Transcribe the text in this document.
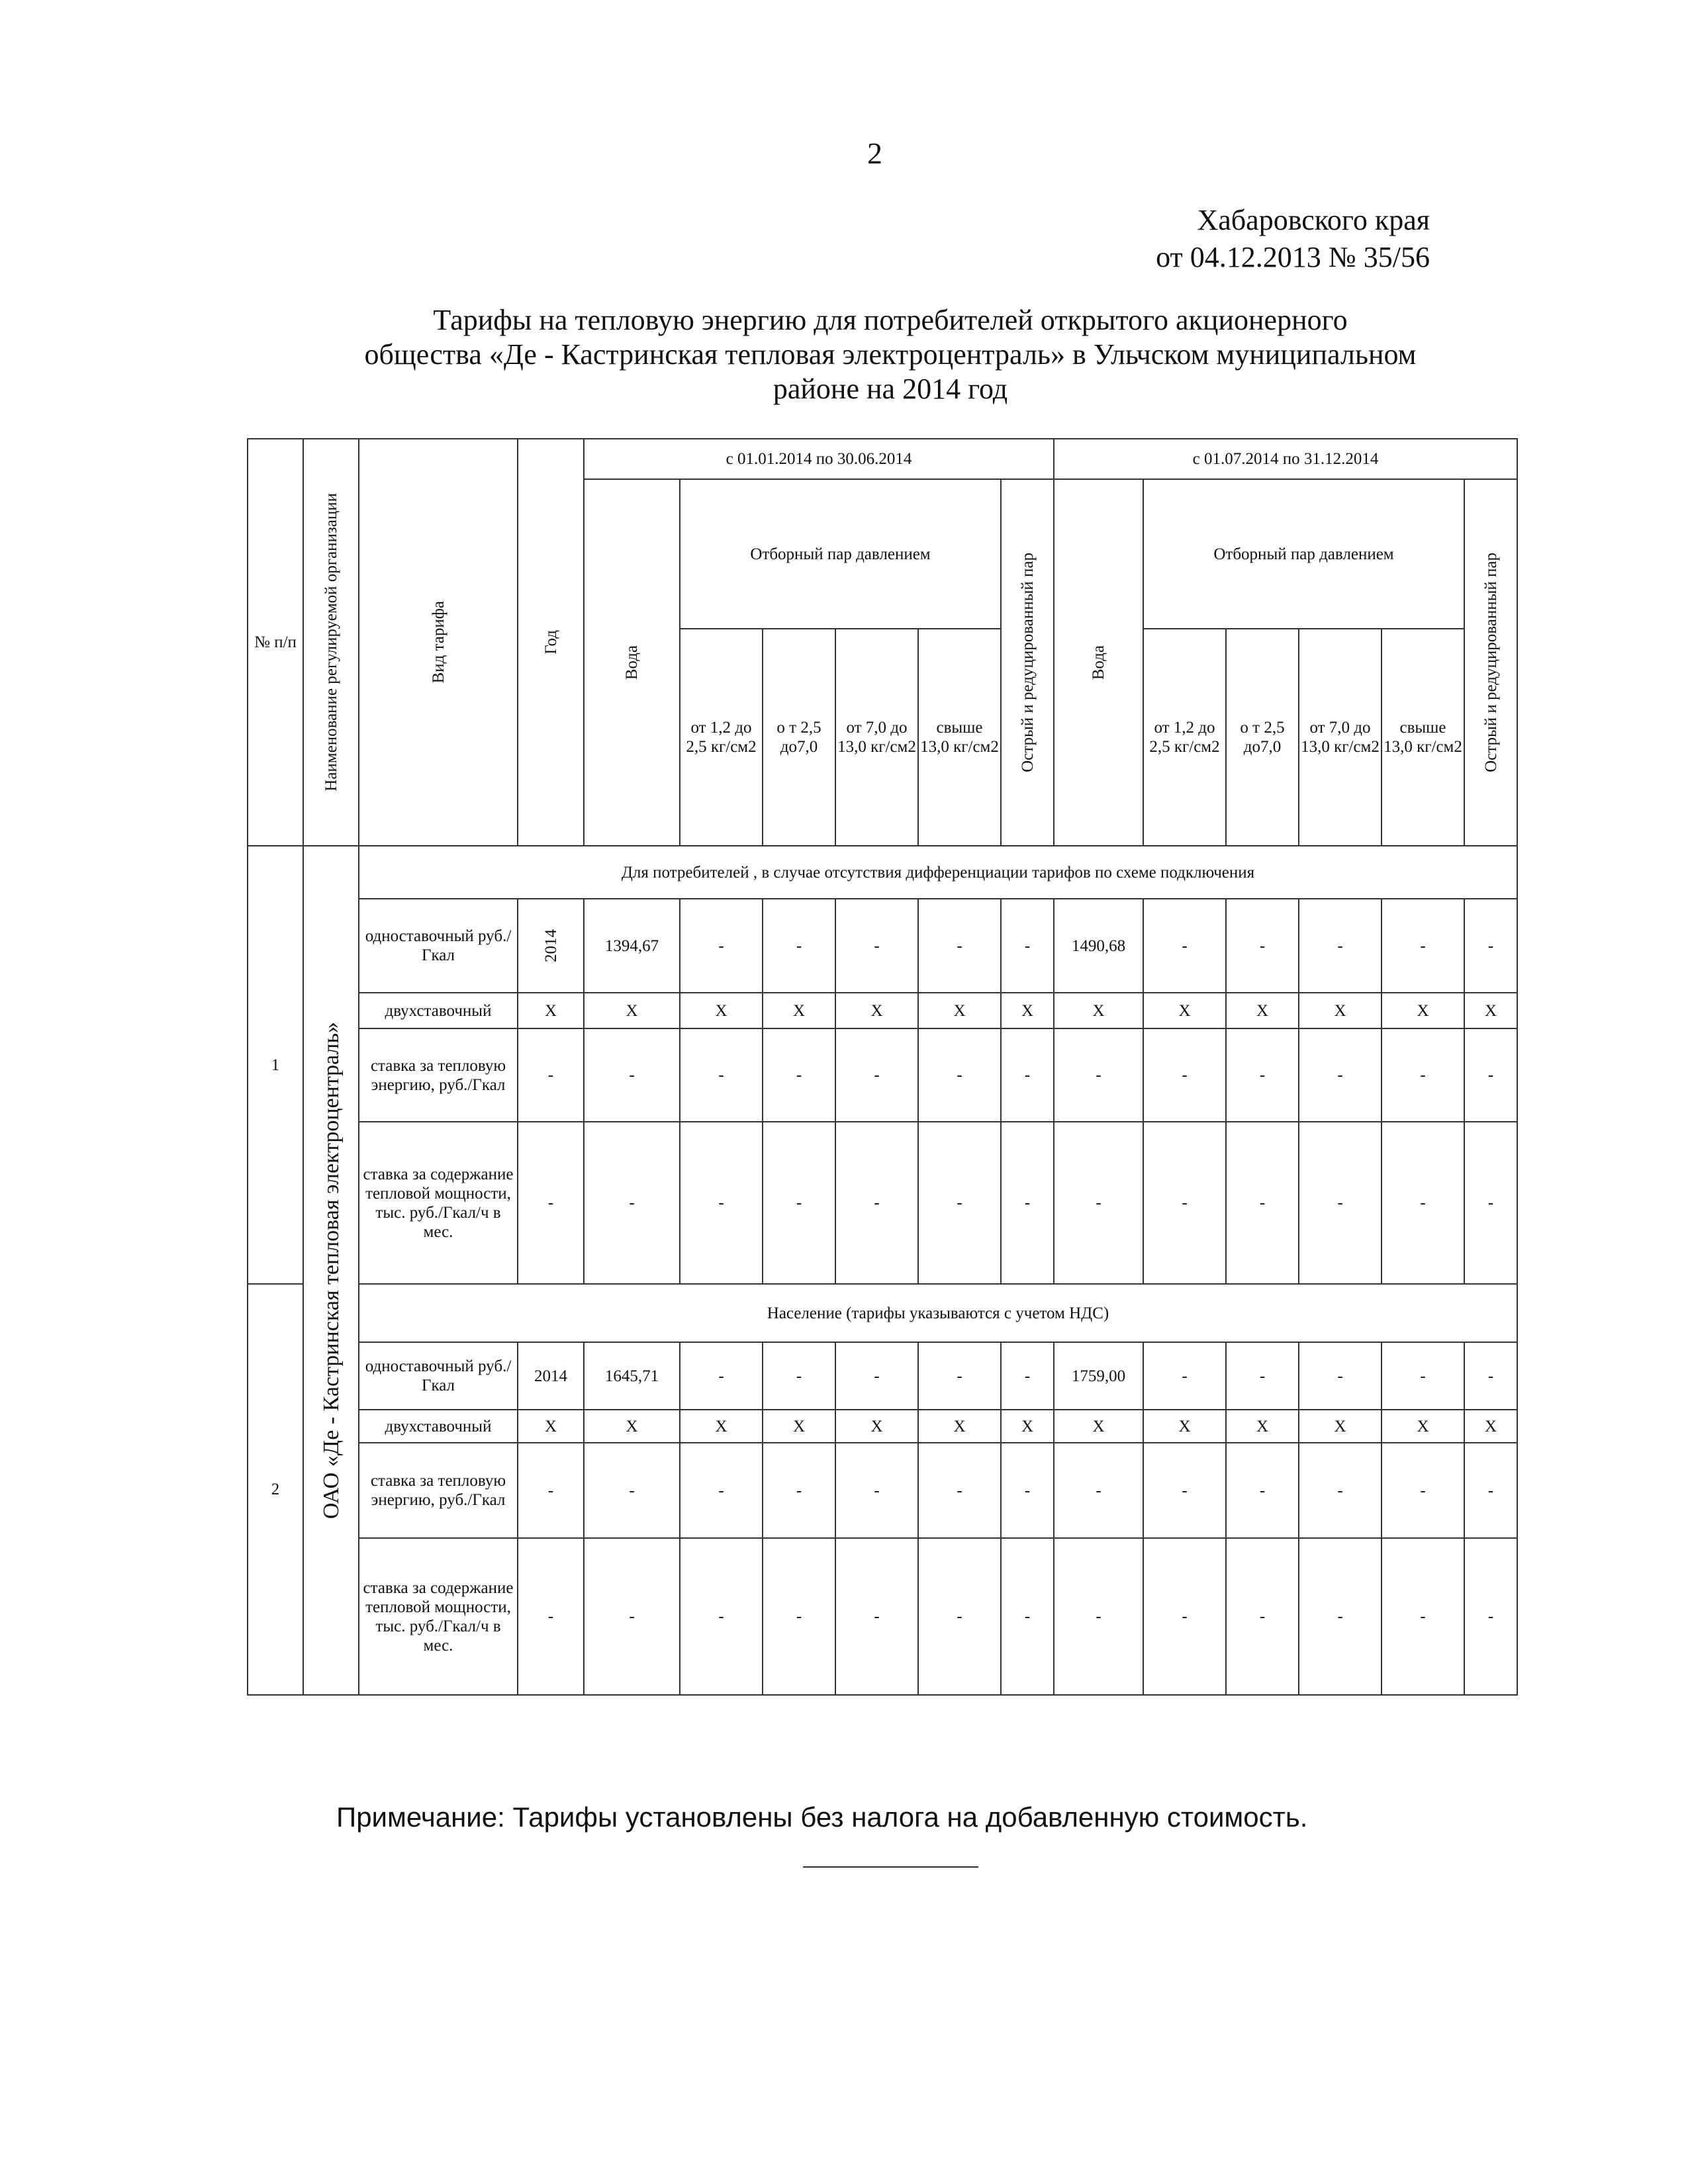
2
Хабаровского края
от 04.12.2013 № 35/56
Тарифы на тепловую энергию для потребителей открытого акционерного
общества «Де - Кастринская тепловая электроцентраль» в Ульчском муниципальном
районе на 2014 год
№ п/п	Наименование регулируемой организации	Вид тарифа	Год	с 01.01.2014 по 30.06.2014						с 01.07.2014 по 31.12.2014					

				Вода	Отборный пар давлением				Острый и редуцированный пар	Вода	Отборный пар давлением				Острый и редуцированный пар

					от 1,2 до 2,5 кг/см2	о т 2,5 до7,0	от 7,0 до 13,0 кг/см2	свыше 13,0 кг/см2			от 1,2 до 2,5 кг/см2	о т 2,5 до7,0	от 7,0 до 13,0 кг/см2	свыше 13,0 кг/см2	
1	ОАО «Де - Кастринская тепловая электроцентраль»	Для потребителей , в случае отсутствия дифференциации тарифов по схеме подключения													
		одноставочный руб./Гкал	2014	1394,67	-	-	-	-	-	1490,68	-	-	-	-	-
		двухставочный	X	X	X	X	X	X	X	X	X	X	X	X	X
		ставка за тепловую энергию, руб./Гкал	-	-	-	-	-	-	-	-	-	-	-	-	-
		ставка за содержание тепловой мощности, тыс. руб./Гкал/ч в мес.	-	-	-	-	-	-	-	-	-	-	-	-	-
2		Население (тарифы указываются с учетом НДС)													
		одноставочный руб./Гкал	2014	1645,71	-	-	-	-	-	1759,00	-	-	-	-	-
		двухставочный	X	X	X	X	X	X	X	X	X	X	X	X	X
		ставка за тепловую энергию, руб./Гкал	-	-	-	-	-	-	-	-	-	-	-	-	-
		ставка за содержание тепловой мощности, тыс. руб./Гкал/ч в мес.	-	-	-	-	-	-	-	-	-	-	-	-	-
Примечание: Тарифы установлены без налога на добавленную стоимость.
